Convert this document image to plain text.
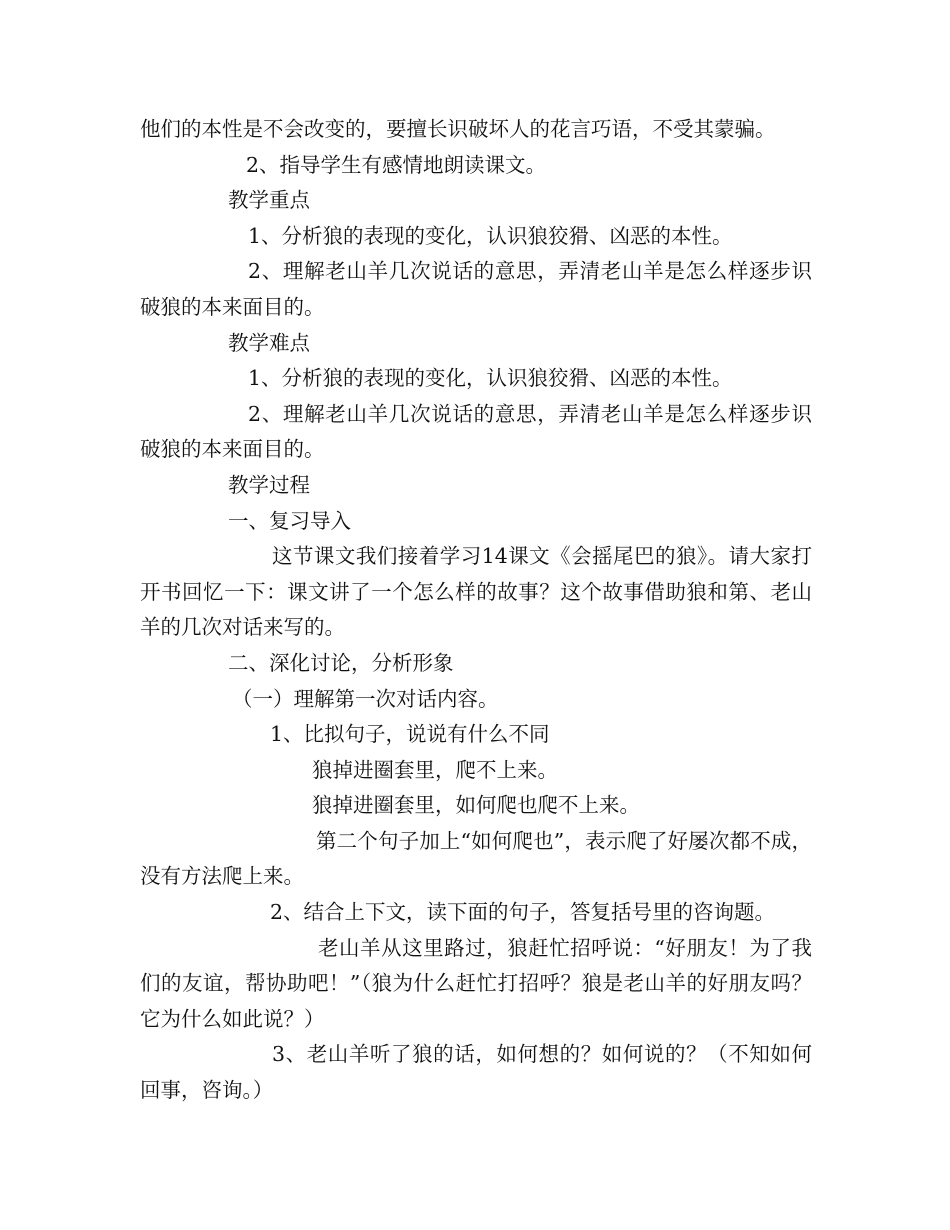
他们的本性是不会改变的，要擅长识破坏人的花言巧语，不受其蒙骗。

2、指导学生有感情地朗读课文。

教学重点

1、分析狼的表现的变化，认识狼狡猾、凶恶的本性。

2、理解老山羊几次说话的意思，弄清老山羊是怎么样逐步识破狼的本来面目的。

教学难点

1、分析狼的表现的变化，认识狼狡猾、凶恶的本性。

2、理解老山羊几次说话的意思，弄清老山羊是怎么样逐步识破狼的本来面目的。

教学过程

一、复习导入

这节课文我们接着学习14课文《会摇尾巴的狼》。请大家打开书回忆一下：课文讲了一个怎么样的故事？这个故事借助狼和第、老山羊的几次对话来写的。

二、深化讨论，分析形象

（一）理解第一次对话内容。

1、比拟句子，说说有什么不同

狼掉进圈套里，爬不上来。

狼掉进圈套里，如何爬也爬不上来。

第二个句子加上“如何爬也”，表示爬了好屡次都不成，没有方法爬上来。

2、结合上下文，读下面的句子，答复括号里的咨询题。

老山羊从这里路过，狼赶忙招呼说：“好朋友！为了我们的友谊，帮协助吧！”（狼为什么赶忙打招呼？狼是老山羊的好朋友吗？它为什么如此说？）

3、老山羊听了狼的话，如何想的？如何说的？（不知如何回事，咨询。）
